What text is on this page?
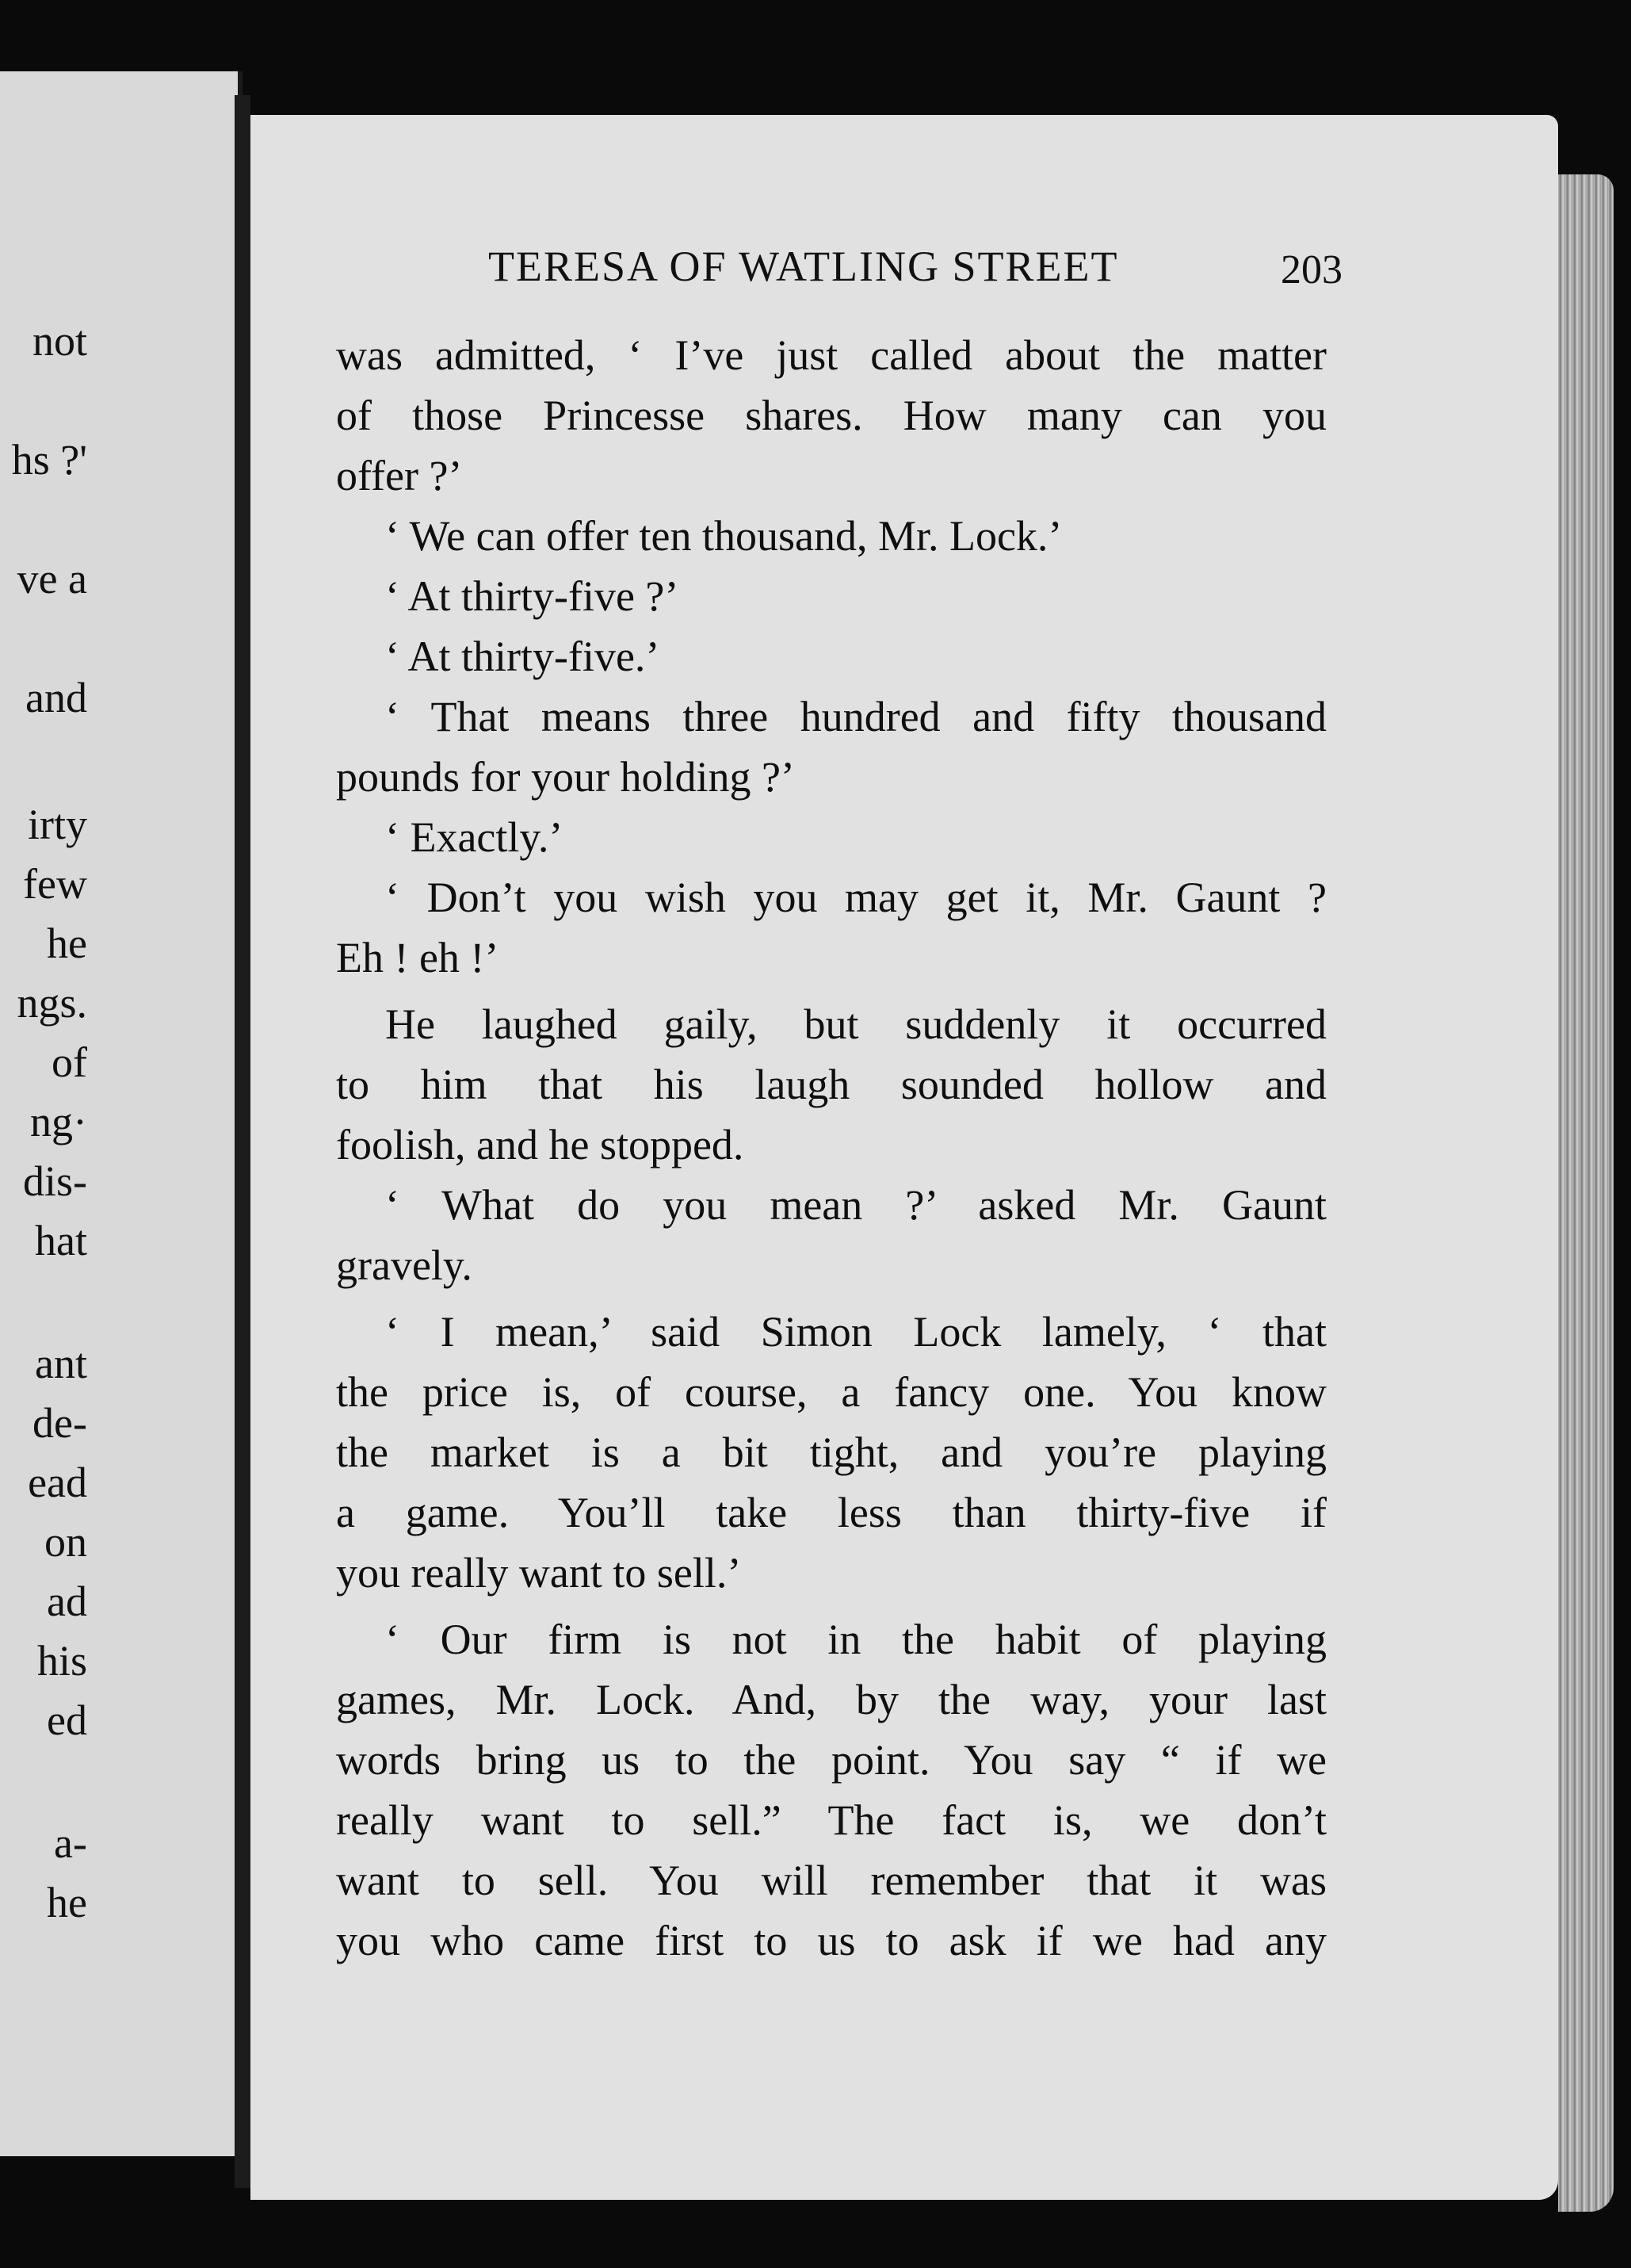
not
hs ?'
ve a
and
irty
few
he
ngs.
of
ng·
dis-
hat
ant
de-
ead
on
ad
his
ed
a-
he
TERESA OF WATLING STREET	203
was admitted, ‘ I’ve just called about the matter
of those Princesse shares. How many can you
offer ?’
‘ We can offer ten thousand, Mr. Lock.’
‘ At thirty-five ?’
‘ At thirty-five.’
‘ That means three hundred and fifty thousand
pounds for your holding ?’
‘ Exactly.’
‘ Don’t you wish you may get it, Mr. Gaunt ?
Eh ! eh !’
He laughed gaily, but suddenly it occurred
to him that his laugh sounded hollow and
foolish, and he stopped.
‘ What do you mean ?’ asked Mr. Gaunt
gravely.
‘ I mean,’ said Simon Lock lamely, ‘ that
the price is, of course, a fancy one. You know
the market is a bit tight, and you’re playing
a game. You’ll take less than thirty-five if
you really want to sell.’
‘ Our firm is not in the habit of playing
games, Mr. Lock. And, by the way, your last
words bring us to the point. You say “ if we
really want to sell.” The fact is, we don’t
want to sell. You will remember that it was
you who came first to us to ask if we had any
